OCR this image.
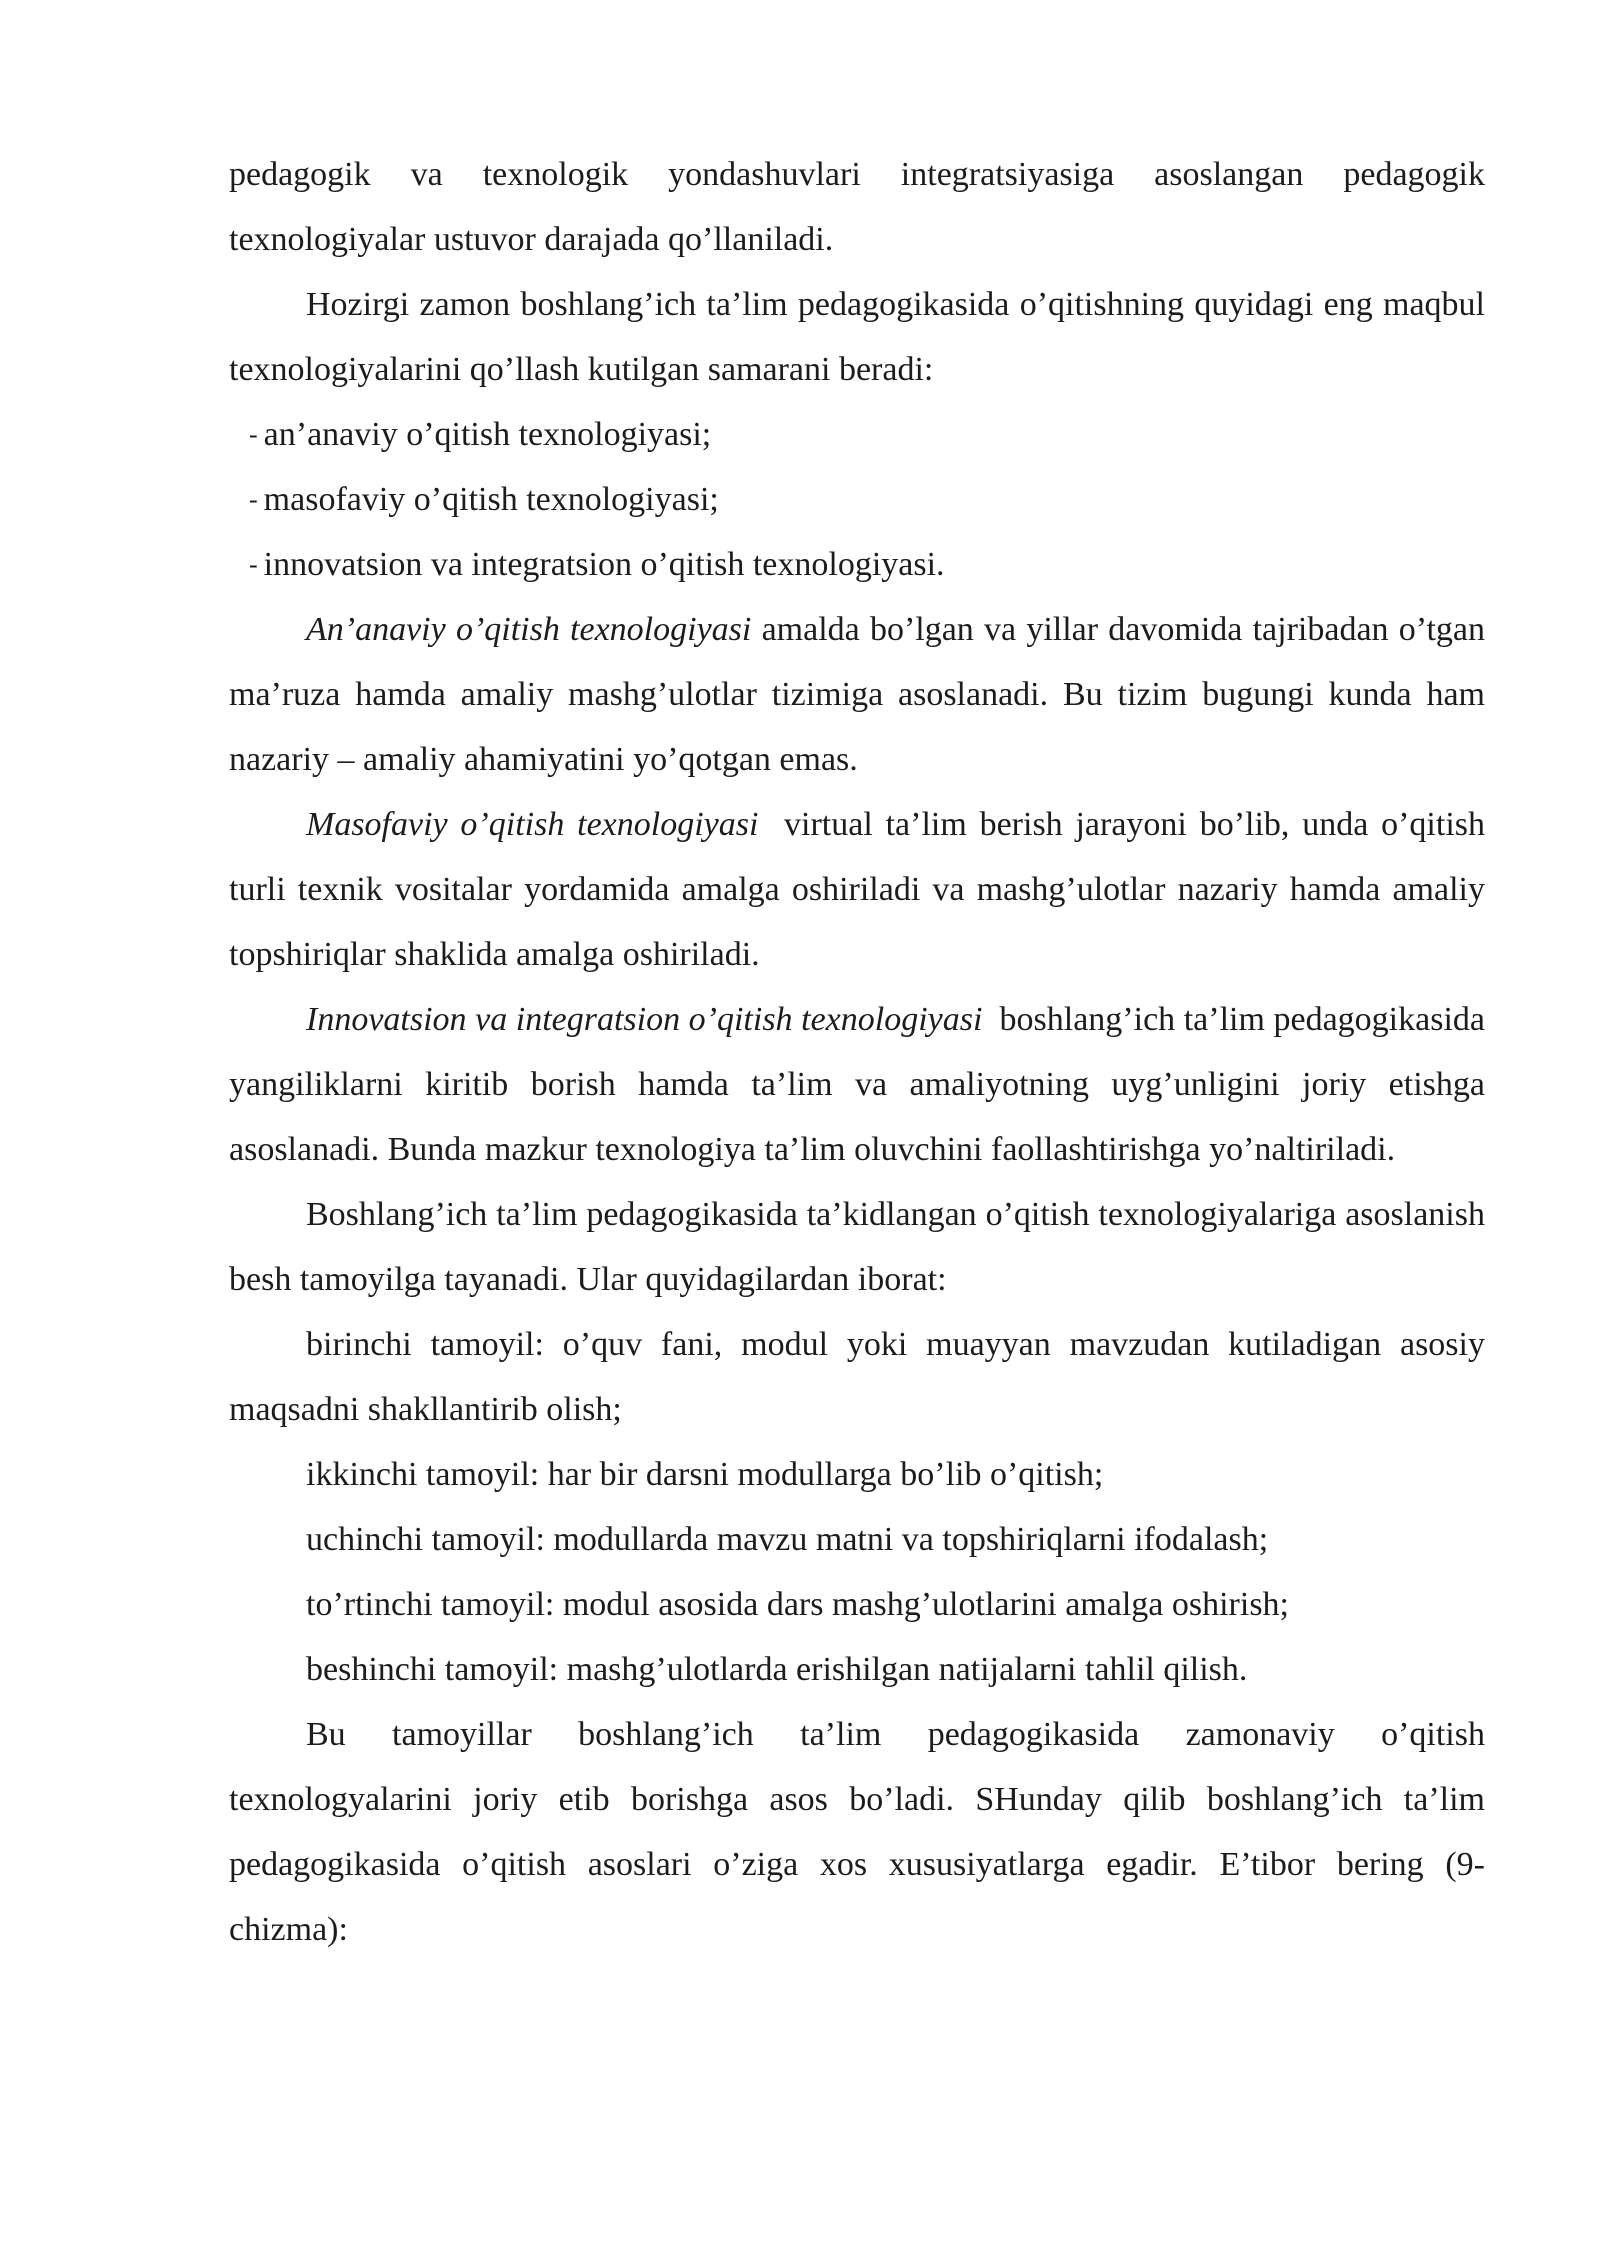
pedagogik va texnologik yondashuvlari integratsiyasiga asoslangan pedagogik texnologiyalar ustuvor darajada qo’llaniladi.

Hozirgi zamon boshlang’ich ta’lim pedagogikasida o’qitishning quyidagi eng maqbul texnologiyalarini qo’llash kutilgan samarani beradi:

- an’anaviy o’qitish texnologiyasi;

- masofaviy o’qitish texnologiyasi;

- innovatsion va integratsion o’qitish texnologiyasi.

An’anaviy o’qitish texnologiyasi amalda bo’lgan va yillar davomida tajribadan o’tgan ma’ruza hamda amaliy mashg’ulotlar tizimiga asoslanadi. Bu tizim bugungi kunda ham nazariy – amaliy ahamiyatini yo’qotgan emas.

Masofaviy o’qitish texnologiyasi  virtual ta’lim berish jarayoni bo’lib, unda o’qitish turli texnik vositalar yordamida amalga oshiriladi va mashg’ulotlar nazariy hamda amaliy topshiriqlar shaklida amalga oshiriladi.

Innovatsion va integratsion o’qitish texnologiyasi  boshlang’ich ta’lim pedagogikasida yangiliklarni kiritib borish hamda ta’lim va amaliyotning uyg’unligini joriy etishga asoslanadi. Bunda mazkur texnologiya ta’lim oluvchini faollashtirishga yo’naltiriladi.

Boshlang’ich ta’lim pedagogikasida ta’kidlangan o’qitish texnologiyalariga asoslanish besh tamoyilga tayanadi. Ular quyidagilardan iborat:

birinchi tamoyil: o’quv fani, modul yoki muayyan mavzudan kutiladigan asosiy maqsadni shakllantirib olish;

ikkinchi tamoyil: har bir darsni modullarga bo’lib o’qitish;

uchinchi tamoyil: modullarda mavzu matni va topshiriqlarni ifodalash;

to’rtinchi tamoyil: modul asosida dars mashg’ulotlarini amalga oshirish;

beshinchi tamoyil: mashg’ulotlarda erishilgan natijalarni tahlil qilish.

Bu tamoyillar boshlang’ich ta’lim pedagogikasida zamonaviy o’qitish texnologyalarini joriy etib borishga asos bo’ladi. SHunday qilib boshlang’ich ta’lim pedagogikasida o’qitish asoslari o’ziga xos xususiyatlarga egadir. E’tibor bering (9-chizma):
